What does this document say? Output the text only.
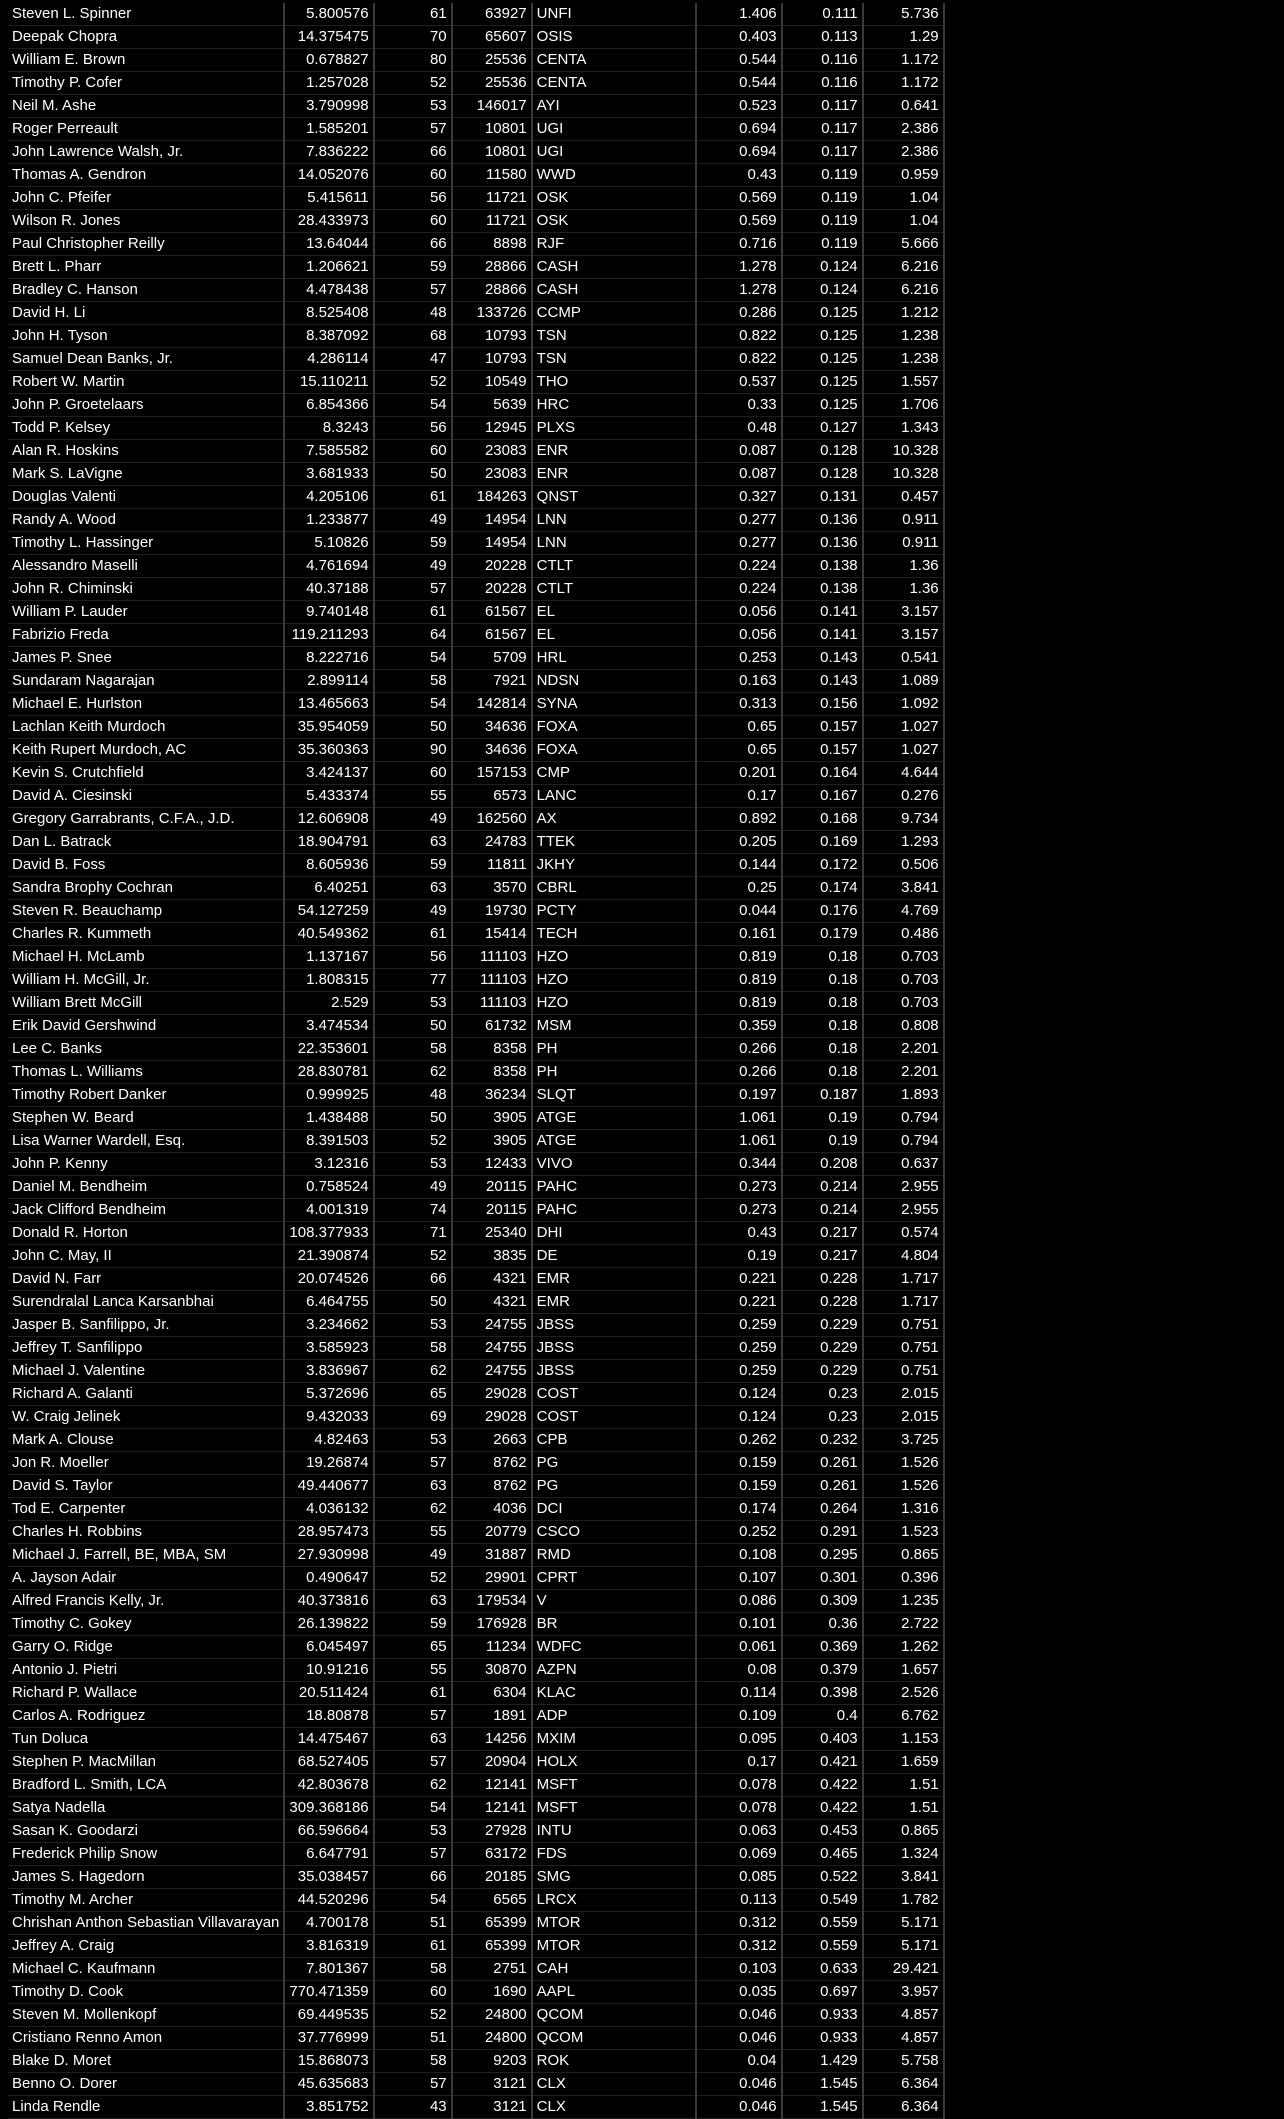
Steven L. Spinner	5.800576	61	63927	UNFI	1.406	0.111	5.736
Deepak Chopra	14.375475	70	65607	OSIS	0.403	0.113	1.29
William E. Brown	0.678827	80	25536	CENTA	0.544	0.116	1.172
Timothy P. Cofer	1.257028	52	25536	CENTA	0.544	0.116	1.172
Neil M. Ashe	3.790998	53	146017	AYI	0.523	0.117	0.641
Roger Perreault	1.585201	57	10801	UGI	0.694	0.117	2.386
John Lawrence Walsh, Jr.	7.836222	66	10801	UGI	0.694	0.117	2.386
Thomas A. Gendron	14.052076	60	11580	WWD	0.43	0.119	0.959
John C. Pfeifer	5.415611	56	11721	OSK	0.569	0.119	1.04
Wilson R. Jones	28.433973	60	11721	OSK	0.569	0.119	1.04
Paul Christopher Reilly	13.64044	66	8898	RJF	0.716	0.119	5.666
Brett L. Pharr	1.206621	59	28866	CASH	1.278	0.124	6.216
Bradley C. Hanson	4.478438	57	28866	CASH	1.278	0.124	6.216
David H. Li	8.525408	48	133726	CCMP	0.286	0.125	1.212
John H. Tyson	8.387092	68	10793	TSN	0.822	0.125	1.238
Samuel Dean Banks, Jr.	4.286114	47	10793	TSN	0.822	0.125	1.238
Robert W. Martin	15.110211	52	10549	THO	0.537	0.125	1.557
John P. Groetelaars	6.854366	54	5639	HRC	0.33	0.125	1.706
Todd P. Kelsey	8.3243	56	12945	PLXS	0.48	0.127	1.343
Alan R. Hoskins	7.585582	60	23083	ENR	0.087	0.128	10.328
Mark S. LaVigne	3.681933	50	23083	ENR	0.087	0.128	10.328
Douglas Valenti	4.205106	61	184263	QNST	0.327	0.131	0.457
Randy A. Wood	1.233877	49	14954	LNN	0.277	0.136	0.911
Timothy L. Hassinger	5.10826	59	14954	LNN	0.277	0.136	0.911
Alessandro Maselli	4.761694	49	20228	CTLT	0.224	0.138	1.36
John R. Chiminski	40.37188	57	20228	CTLT	0.224	0.138	1.36
William P. Lauder	9.740148	61	61567	EL	0.056	0.141	3.157
Fabrizio Freda	119.211293	64	61567	EL	0.056	0.141	3.157
James P. Snee	8.222716	54	5709	HRL	0.253	0.143	0.541
Sundaram Nagarajan	2.899114	58	7921	NDSN	0.163	0.143	1.089
Michael E. Hurlston	13.465663	54	142814	SYNA	0.313	0.156	1.092
Lachlan Keith Murdoch	35.954059	50	34636	FOXA	0.65	0.157	1.027
Keith Rupert Murdoch, AC	35.360363	90	34636	FOXA	0.65	0.157	1.027
Kevin S. Crutchfield	3.424137	60	157153	CMP	0.201	0.164	4.644
David A. Ciesinski	5.433374	55	6573	LANC	0.17	0.167	0.276
Gregory Garrabrants, C.F.A., J.D.	12.606908	49	162560	AX	0.892	0.168	9.734
Dan L. Batrack	18.904791	63	24783	TTEK	0.205	0.169	1.293
David B. Foss	8.605936	59	11811	JKHY	0.144	0.172	0.506
Sandra Brophy Cochran	6.40251	63	3570	CBRL	0.25	0.174	3.841
Steven R. Beauchamp	54.127259	49	19730	PCTY	0.044	0.176	4.769
Charles R. Kummeth	40.549362	61	15414	TECH	0.161	0.179	0.486
Michael H. McLamb	1.137167	56	111103	HZO	0.819	0.18	0.703
William H. McGill, Jr.	1.808315	77	111103	HZO	0.819	0.18	0.703
William Brett McGill	2.529	53	111103	HZO	0.819	0.18	0.703
Erik David Gershwind	3.474534	50	61732	MSM	0.359	0.18	0.808
Lee C. Banks	22.353601	58	8358	PH	0.266	0.18	2.201
Thomas L. Williams	28.830781	62	8358	PH	0.266	0.18	2.201
Timothy Robert Danker	0.999925	48	36234	SLQT	0.197	0.187	1.893
Stephen W. Beard	1.438488	50	3905	ATGE	1.061	0.19	0.794
Lisa Warner Wardell, Esq.	8.391503	52	3905	ATGE	1.061	0.19	0.794
John P. Kenny	3.12316	53	12433	VIVO	0.344	0.208	0.637
Daniel M. Bendheim	0.758524	49	20115	PAHC	0.273	0.214	2.955
Jack Clifford Bendheim	4.001319	74	20115	PAHC	0.273	0.214	2.955
Donald R. Horton	108.377933	71	25340	DHI	0.43	0.217	0.574
John C. May, II	21.390874	52	3835	DE	0.19	0.217	4.804
David N. Farr	20.074526	66	4321	EMR	0.221	0.228	1.717
Surendralal Lanca Karsanbhai	6.464755	50	4321	EMR	0.221	0.228	1.717
Jasper B. Sanfilippo, Jr.	3.234662	53	24755	JBSS	0.259	0.229	0.751
Jeffrey T. Sanfilippo	3.585923	58	24755	JBSS	0.259	0.229	0.751
Michael J. Valentine	3.836967	62	24755	JBSS	0.259	0.229	0.751
Richard A. Galanti	5.372696	65	29028	COST	0.124	0.23	2.015
W. Craig Jelinek	9.432033	69	29028	COST	0.124	0.23	2.015
Mark A. Clouse	4.82463	53	2663	CPB	0.262	0.232	3.725
Jon R. Moeller	19.26874	57	8762	PG	0.159	0.261	1.526
David S. Taylor	49.440677	63	8762	PG	0.159	0.261	1.526
Tod E. Carpenter	4.036132	62	4036	DCI	0.174	0.264	1.316
Charles H. Robbins	28.957473	55	20779	CSCO	0.252	0.291	1.523
Michael J. Farrell, BE, MBA, SM	27.930998	49	31887	RMD	0.108	0.295	0.865
A. Jayson Adair	0.490647	52	29901	CPRT	0.107	0.301	0.396
Alfred Francis Kelly, Jr.	40.373816	63	179534	V	0.086	0.309	1.235
Timothy C. Gokey	26.139822	59	176928	BR	0.101	0.36	2.722
Garry O. Ridge	6.045497	65	11234	WDFC	0.061	0.369	1.262
Antonio J. Pietri	10.91216	55	30870	AZPN	0.08	0.379	1.657
Richard P. Wallace	20.511424	61	6304	KLAC	0.114	0.398	2.526
Carlos A. Rodriguez	18.80878	57	1891	ADP	0.109	0.4	6.762
Tun Doluca	14.475467	63	14256	MXIM	0.095	0.403	1.153
Stephen P. MacMillan	68.527405	57	20904	HOLX	0.17	0.421	1.659
Bradford L. Smith, LCA	42.803678	62	12141	MSFT	0.078	0.422	1.51
Satya Nadella	309.368186	54	12141	MSFT	0.078	0.422	1.51
Sasan K. Goodarzi	66.596664	53	27928	INTU	0.063	0.453	0.865
Frederick Philip Snow	6.647791	57	63172	FDS	0.069	0.465	1.324
James S. Hagedorn	35.038457	66	20185	SMG	0.085	0.522	3.841
Timothy M. Archer	44.520296	54	6565	LRCX	0.113	0.549	1.782
Chrishan Anthon Sebastian Villavarayan	4.700178	51	65399	MTOR	0.312	0.559	5.171
Jeffrey A. Craig	3.816319	61	65399	MTOR	0.312	0.559	5.171
Michael C. Kaufmann	7.801367	58	2751	CAH	0.103	0.633	29.421
Timothy D. Cook	770.471359	60	1690	AAPL	0.035	0.697	3.957
Steven M. Mollenkopf	69.449535	52	24800	QCOM	0.046	0.933	4.857
Cristiano Renno Amon	37.776999	51	24800	QCOM	0.046	0.933	4.857
Blake D. Moret	15.868073	58	9203	ROK	0.04	1.429	5.758
Benno O. Dorer	45.635683	57	3121	CLX	0.046	1.545	6.364
Linda Rendle	3.851752	43	3121	CLX	0.046	1.545	6.364
